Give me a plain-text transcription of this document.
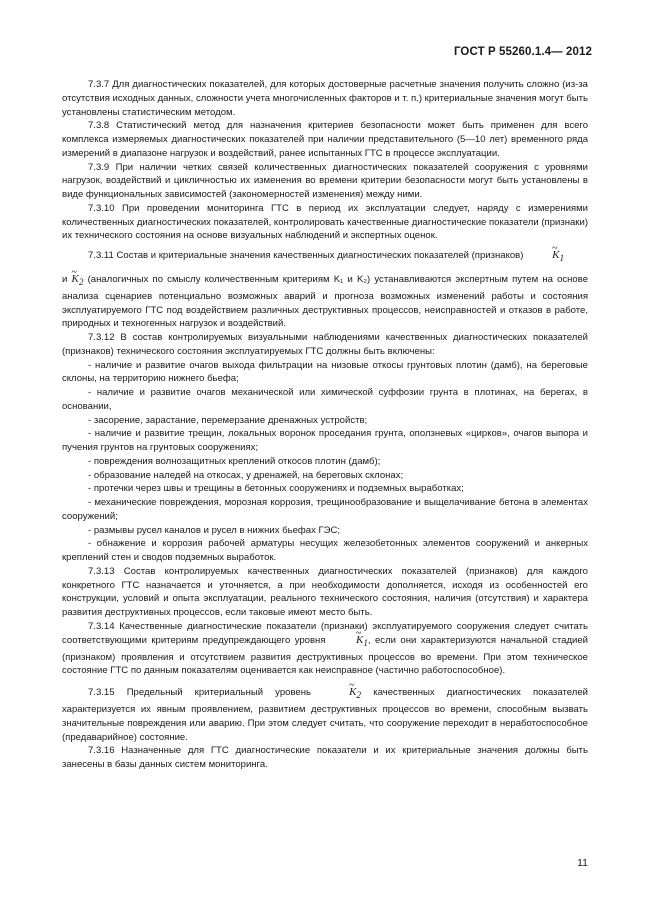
ГОСТ Р 55260.1.4— 2012

7.3.7 Для диагностических показателей, для которых достоверные расчетные значения получить сложно (из-за отсутствия исходных данных, сложности учета многочисленных факторов и т. п.) критериальные значения могут быть установлены статистическим методом.

7.3.8 Статистический метод для назначения критериев безопасности может быть применен для всего комплекса измеряемых диагностических показателей при наличии представительного (5—10 лет) временного ряда измерений в диапазоне нагрузок и воздействий, ранее испытанных ГТС в процессе эксплуатации.

7.3.9 При наличии четких связей количественных диагностических показателей сооружения с уровнями нагрузок, воздействий и цикличностью их изменения во времени критерии безопасности могут быть установлены в виде функциональных зависимостей (закономерностей изменения) между ними.

7.3.10 При проведении мониторинга ГТС в период их эксплуатации следует, наряду с измерениями количественных диагностических показателей, контролировать качественные диагностические показатели (признаки) их технического состояния на основе визуальных наблюдений и экспертных оценок.

7.3.11 Состав и критериальные значения качественных диагностических показателей (признаков)	~ $K_1$

и ~ $K_2$ (аналогичных по смыслу количественным критериям K₁ и K₂) устанавливаются экспертным путем на основе анализа сценариев потенциально возможных аварий и прогноза возможных изменений работы и состояния эксплуатируемого ГТС под воздействием различных деструктивных процессов, неисправностей и отказов в работе, природных и техногенных нагрузок и воздействий.

7.3.12 В состав контролируемых визуальными наблюдениями качественных диагностических показателей (признаков) технического состояния эксплуатируемых ГТС должны быть включены:

- наличие и развитие очагов выхода фильтрации на низовые откосы грунтовых плотин (дамб), на береговые склоны, на территорию нижнего бьефа;

- наличие и развитие очагов механической или химической суффозии грунта в плотинах, на берегах, в основании,

- засорение, зарастание, перемерзание дренажных устройств;

- наличие и развитие трещин, локальных воронок проседания грунта, оползневых «цирков», очагов выпора и пучения грунтов на грунтовых сооружениях;

- повреждения волнозащитных креплений откосов плотин (дамб);

- образование наледей на откосах, у дренажей, на береговых склонах;

- протечки через швы и трещины в бетонных сооружениях и подземных выработках;

- механические повреждения, морозная коррозия, трещинообразование и выщелачивание бетона в элементах сооружений;

- размывы русел каналов и русел в нижних бьефах ГЭС;

- обнажение и коррозия рабочей арматуры несущих железобетонных элементов сооружений и анкерных креплений стен и сводов подземных выработок.

7.3.13 Состав контролируемых качественных диагностических показателей (признаков) для каждого конкретного ГТС назначается и уточняется, а при необходимости дополняется, исходя из особенностей его конструкции, условий и опыта эксплуатации, реального технического состояния, наличия (отсутствия) и характера развития деструктивных процессов, если таковые имеют место быть.

7.3.14 Качественные диагностические показатели (признаки) эксплуатируемого сооружения следует считать соответствующими критериям предупреждающего уровня	~ $K_1$, если они характеризуются начальной стадией (признаком) проявления и отсутствием развития деструктивных процессов во времени. При этом техническое состояние ГТС по данным показателям оценивается как неисправное (частично работоспособное).

7.3.15 Предельный критериальный уровень	~ $K_2$ качественных диагностических показателей характеризуется их явным проявлением, развитием деструктивных процессов во времени, способным вызвать значительные повреждения или аварию. При этом следует считать, что сооружение переходит в неработоспособное (предаварийное) состояние.

7.3.16 Назначенные для ГТС диагностические показатели и их критериальные значения должны быть занесены в базы данных систем мониторинга.

11
